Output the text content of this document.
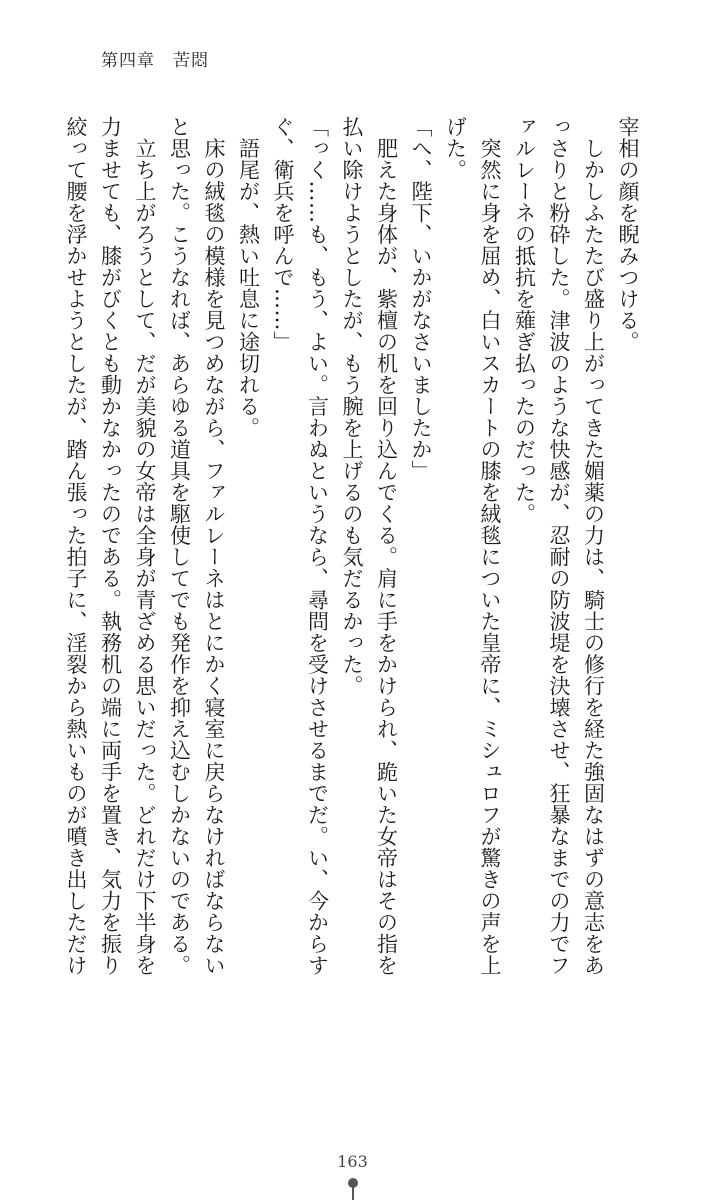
第四章　苦悶

宰相の顔を睨みつける。

　しかしふたたび盛り上がってきた媚薬の力は、騎士の修行を経た強固なはずの意志をあ

っさりと粉砕した。津波のような快感が、忍耐の防波堤を決壊させ、狂暴なまでの力でフ

ァルレーネの抵抗を薙ぎ払ったのだった。

　突然に身を屈め、白いスカートの膝を絨毯についた皇帝に、ミシュロフが驚きの声を上

げた。

「へ、陛下、いかがなさいましたか」

　肥えた身体が、紫檀の机を回り込んでくる。肩に手をかけられ、跪いた女帝はその指を

払い除けようとしたが、もう腕を上げるのも気だるかった。

「っく……も、もう、よい。言わぬというなら、尋問を受けさせるまでだ。い、今からす

ぐ、衛兵を呼んで……」

　語尾が、熱い吐息に途切れる。

　床の絨毯の模様を見つめながら、ファルレーネはとにかく寝室に戻らなければならない

と思った。こうなれば、あらゆる道具を駆使してでも発作を抑え込むしかないのである。

　立ち上がろうとして、だが美貌の女帝は全身が青ざめる思いだった。どれだけ下半身を

力ませても、膝がびくとも動かなかったのである。執務机の端に両手を置き、気力を振り

絞って腰を浮かせようとしたが、踏ん張った拍子に、淫裂から熱いものが噴き出しただけ

163
